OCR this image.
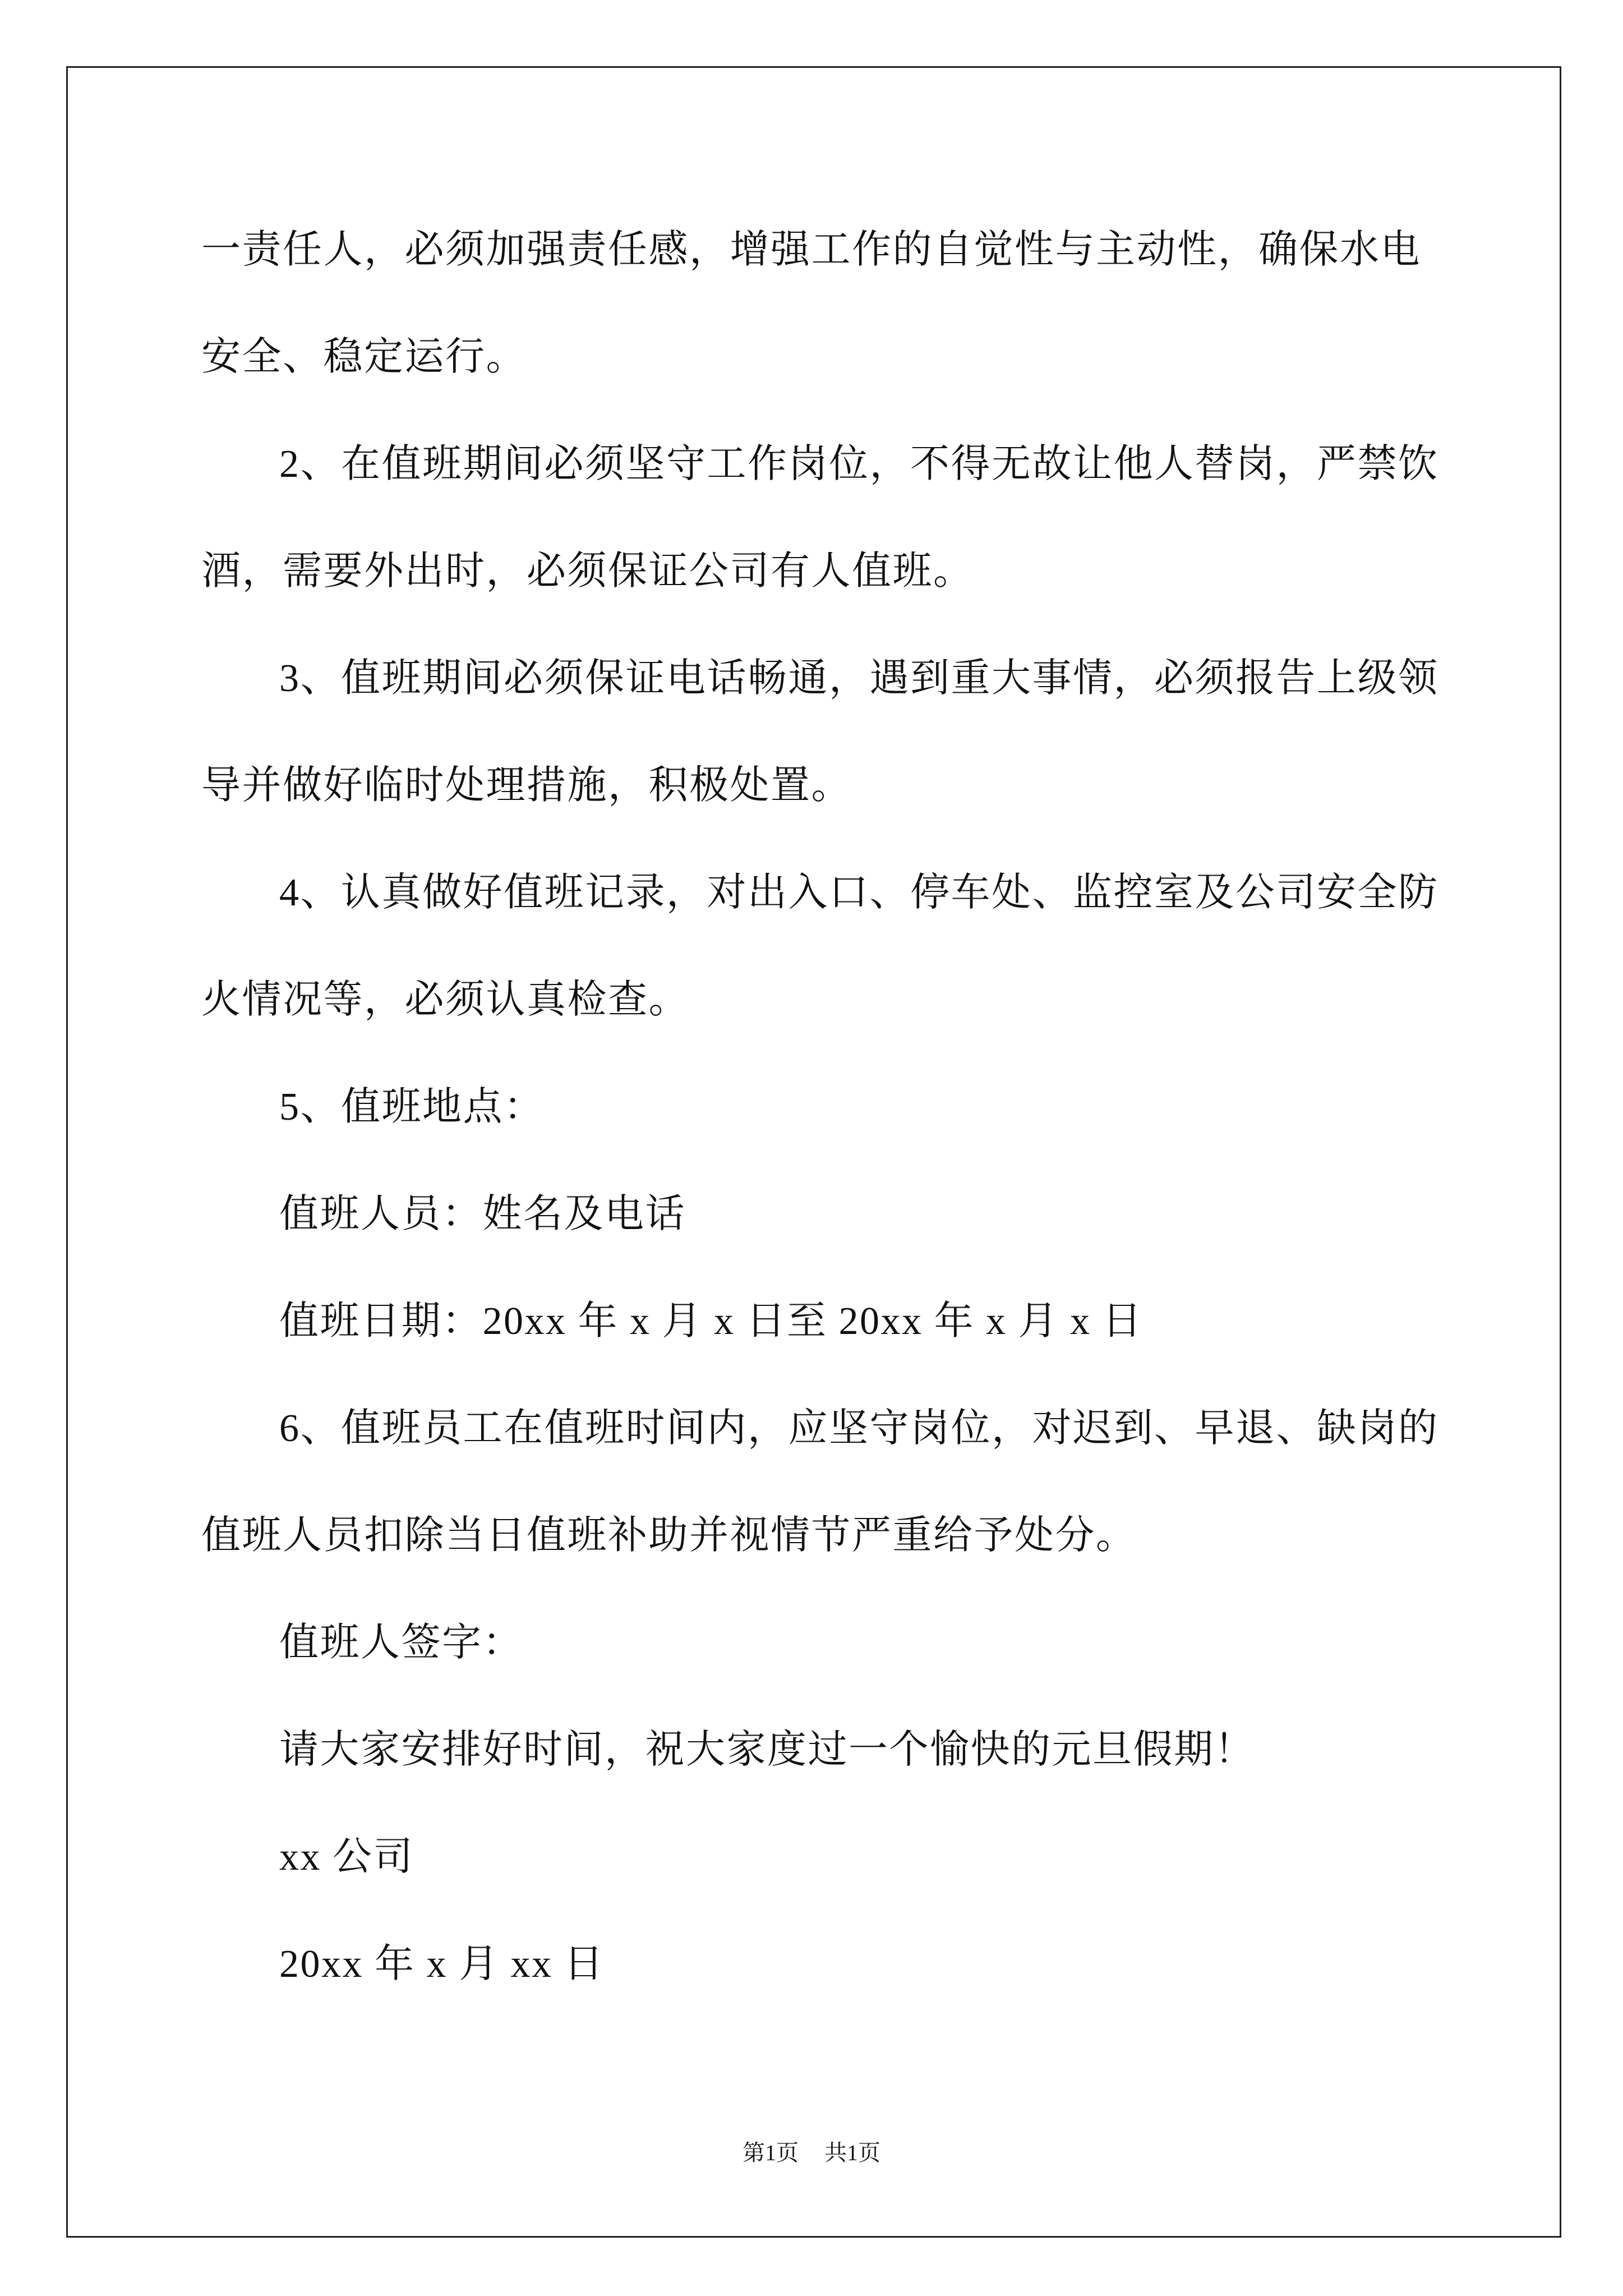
一责任人，必须加强责任感，增强工作的自觉性与主动性，确保水电
安全、稳定运行。
2、在值班期间必须坚守工作岗位，不得无故让他人替岗，严禁饮
酒，需要外出时，必须保证公司有人值班。
3、值班期间必须保证电话畅通，遇到重大事情，必须报告上级领
导并做好临时处理措施，积极处置。
4、认真做好值班记录，对出入口、停车处、监控室及公司安全防
火情况等，必须认真检查。
5、值班地点：
值班人员：姓名及电话
值班日期：20xx 年 x 月 x 日至 20xx 年 x 月 x 日
6、值班员工在值班时间内，应坚守岗位，对迟到、早退、缺岗的
值班人员扣除当日值班补助并视情节严重给予处分。
值班人签字：
请大家安排好时间，祝大家度过一个愉快的元旦假期！
xx 公司
20xx 年 x 月 xx 日
第1页 共1页
